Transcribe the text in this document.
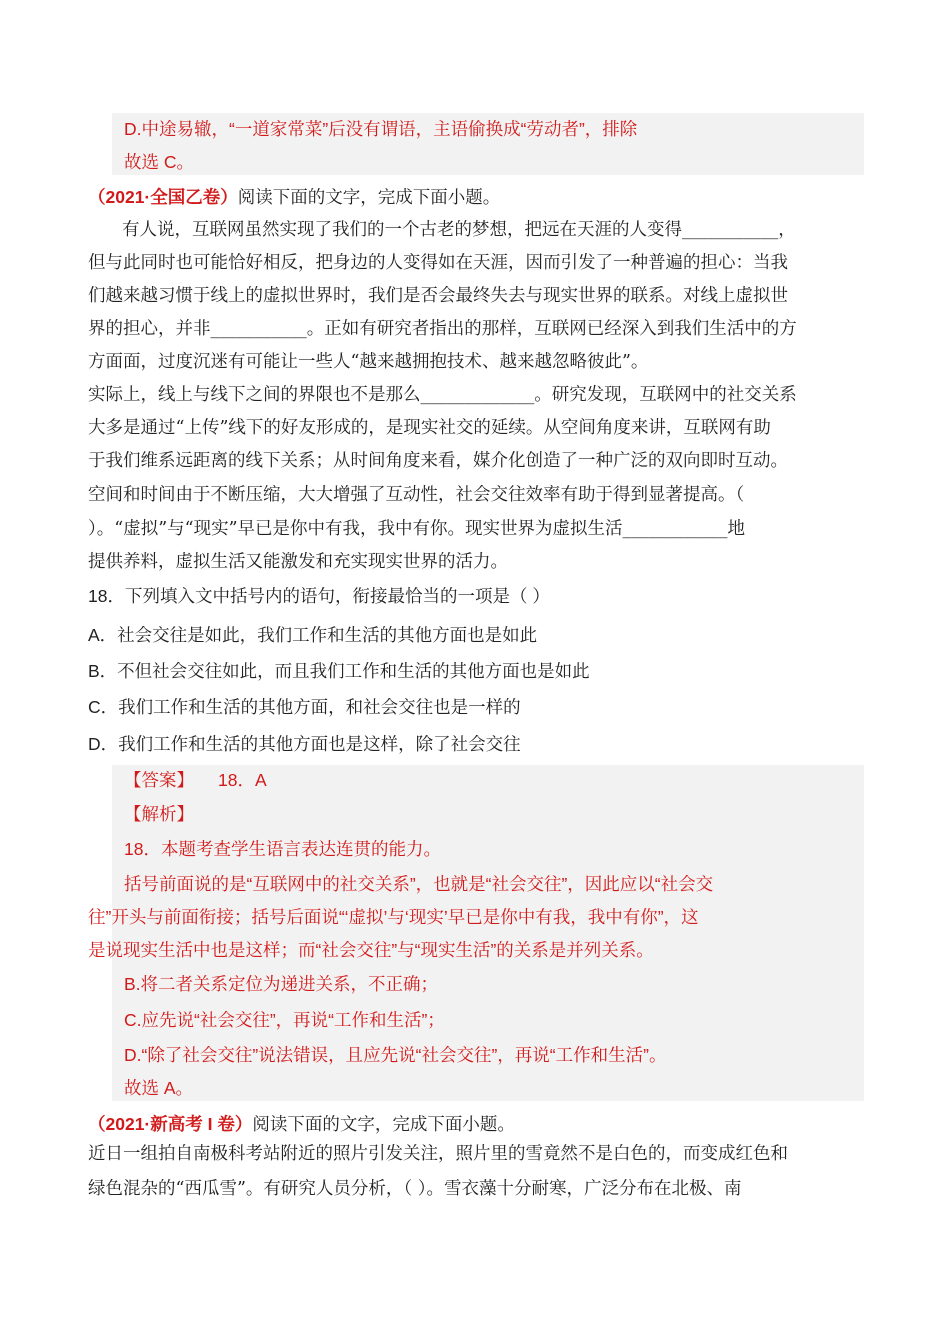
D.中途易辙，“一道家常菜”后没有谓语，主语偷换成“劳动者”，排除
故选 C。
（2021·全国乙卷）阅读下面的文字，完成下面小题。
有人说，互联网虽然实现了我们的一个古老的梦想，把远在天涯的人变得___________，
但与此同时也可能恰好相反，把身边的人变得如在天涯，因而引发了一种普遍的担心：当我
们越来越习惯于线上的虚拟世界时，我们是否会最终失去与现实世界的联系。对线上虚拟世
界的担心，并非___________。正如有研究者指出的那样，互联网已经深入到我们生活中的方
方面面，过度沉迷有可能让一些人“越来越拥抱技术、越来越忽略彼此”。
实际上，线上与线下之间的界限也不是那么_____________。研究发现，互联网中的社交关系
大多是通过“上传”线下的好友形成的，是现实社交的延续。从空间角度来讲，互联网有助
于我们维系远距离的线下关系；从时间角度来看，媒介化创造了一种广泛的双向即时互动。
空间和时间由于不断压缩，大大增强了互动性，社会交往效率有助于得到显著提高。（
）。“虚拟”与“现实”早已是你中有我，我中有你。现实世界为虚拟生活____________地
提供养料，虚拟生活又能激发和充实现实世界的活力。
18．下列填入文中括号内的语句，衔接最恰当的一项是（ ）
A．社会交往是如此，我们工作和生活的其他方面也是如此
B．不但社会交往如此，而且我们工作和生活的其他方面也是如此
C．我们工作和生活的其他方面，和社会交往也是一样的
D．我们工作和生活的其他方面也是这样，除了社会交往
【答案】 18．A
【解析】
18．本题考查学生语言表达连贯的能力。
括号前面说的是“互联网中的社交关系”，也就是“社会交往”，因此应以“社会交
往”开头与前面衔接；括号后面说“‘虚拟’与‘现实’早已是你中有我，我中有你”，这
是说现实生活中也是这样；而“社会交往”与“现实生活”的关系是并列关系。
B.将二者关系定位为递进关系，不正确；
C.应先说“社会交往”，再说“工作和生活”；
D.“除了社会交往”说法错误，且应先说“社会交往”，再说“工作和生活”。
故选 A。
（2021·新高考 I 卷）阅读下面的文字，完成下面小题。
近日一组拍自南极科考站附近的照片引发关注，照片里的雪竟然不是白色的，而变成红色和
绿色混杂的“西瓜雪”。有研究人员分析，（ ）。雪衣藻十分耐寒，广泛分布在北极、南
